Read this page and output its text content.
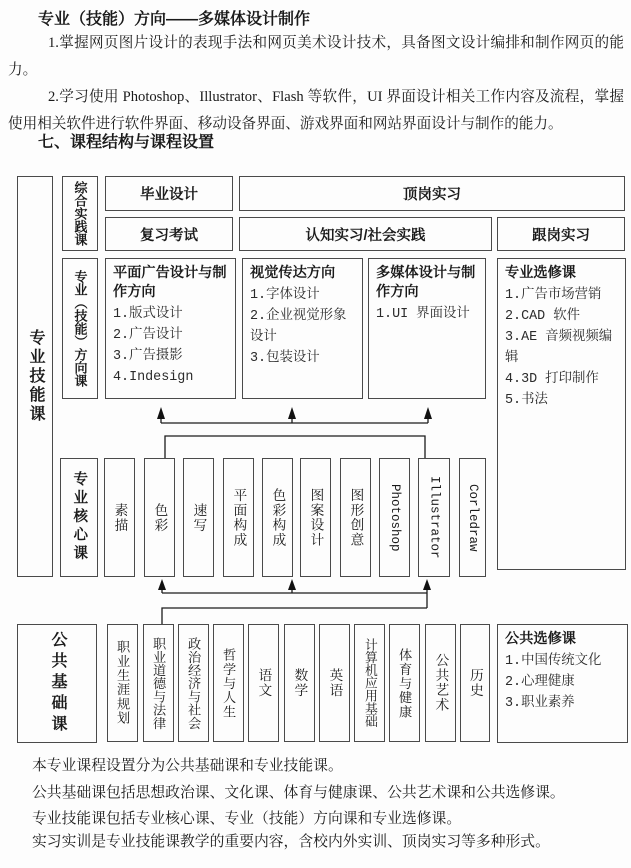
专业（技能）方向——多媒体设计制作
1.掌握网页图片设计的表现手法和网页美术设计技术，具备图文设计编排和制作网页的能力。
2.学习使用 Photoshop、Illustrator、Flash 等软件，UI 界面设计相关工作内容及流程，掌握使用相关软件进行软件界面、移动设备界面、游戏界面和网站界面设计与制作的能力。
七、课程结构与课程设置
专业技能课
综合实践课
专业（技能）方向课
专业核心课
公共基础课
毕业设计	顶岗实习
复习考试	认知实习/社会实践	跟岗实习
平面广告设计与制作方向
1.版式设计
2.广告设计
3.广告摄影
4.Indesign
视觉传达方向
1.字体设计
2.企业视觉形象设计
3.包装设计
多媒体设计与制作方向
1.UI 界面设计
专业选修课
1.广告市场营销
2.CAD 软件
3.AE 音频视频编辑
4.3D 打印制作
5.书法
素描 色彩 速写 平面构成 色彩构成 图案设计 图形创意 Photoshop Illustrator Corledraw
职业生涯规划 职业道德与法律 政治经济与社会 哲学与人生 语文 数学 英语 计算机应用基础 体育与健康 公共艺术 历史
公共选修课
1.中国传统文化
2.心理健康
3.职业素养
本专业课程设置分为公共基础课和专业技能课。
公共基础课包括思想政治课、文化课、体育与健康课、公共艺术课和公共选修课。
专业技能课包括专业核心课、专业（技能）方向课和专业选修课。
实习实训是专业技能课教学的重要内容，含校内外实训、顶岗实习等多种形式。
